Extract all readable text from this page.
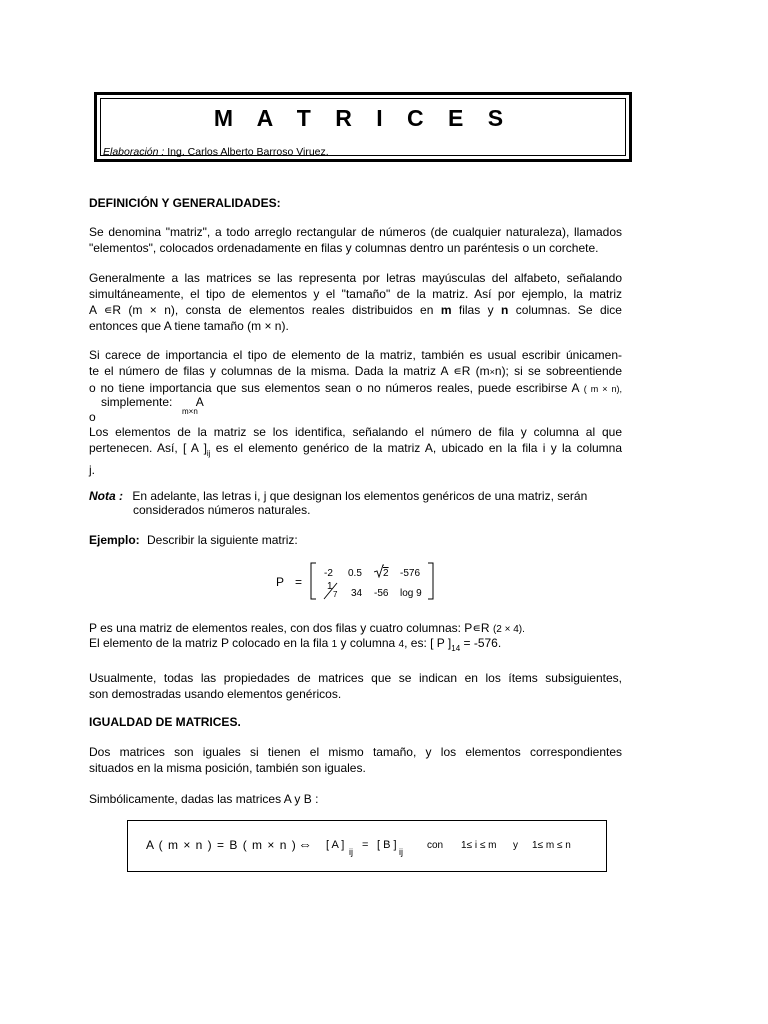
M A T R I C E S
Elaboración : Ing. Carlos Alberto Barroso Viruez.
DEFINICIÓN Y GENERALIDADES:

Se denomina "matriz", a todo arreglo rectangular de números (de cualquier naturaleza), llamados

"elementos", colocados ordenadamente en filas y columnas dentro un paréntesis o un corchete.

Generalmente a las matrices se las representa por letras mayúsculas del alfabeto, señalando

simultáneamente, el tipo de elementos y el "tamaño" de la matriz. Así por ejemplo, la matriz

A ∊R (m × n), consta de elementos reales distribuidos en m filas y n columnas. Se dice

entonces que A tiene tamaño (m × n).

Si carece de importancia el tipo de elemento de la matriz, también es usual escribir únicamen-

te el número de filas y columnas de la misma. Dada la matriz A ∊R (m×n); si se sobreentiende

o no tiene importancia que sus elementos sean o no números reales, puede escribirse A ( m × n),

simplemente: A
m×n
o

Los elementos de la matriz se los identifica, señalando el número de fila y columna al que

pertenecen. Así, [ A ]$_{ij}$ es el elemento genérico de la matriz A, ubicado en la fila i y la columna

j.

Nota : En adelante, las letras i, j que designan los elementos genéricos de una matriz, serán
considerados números naturales.
Ejemplo: Describir la siguiente matriz:
P =
-2 0.5 2 -576
1
7 34 -56 log 9
P es una matriz de elementos reales, con dos filas y cuatro columnas: P∊R (2 × 4).
El elemento de la matriz P colocado en la fila 1 y columna 4, es: [ P ]$_{14} = -576$.

Usualmente, todas las propiedades de matrices que se indican en los ítems subsiguientes,

son demostradas usando elementos genéricos.

IGUALDAD DE MATRICES.

Dos matrices son iguales si tienen el mismo tamaño, y los elementos correspondientes

situados en la misma posición, también son iguales.

Simbólicamente, dadas las matrices A y B :
A ( m × n ) = B ( m × n ) ⇔ [ A ]
ij
= [ B ]
ij
con 1≤ i ≤ m y 1≤ m ≤ n
